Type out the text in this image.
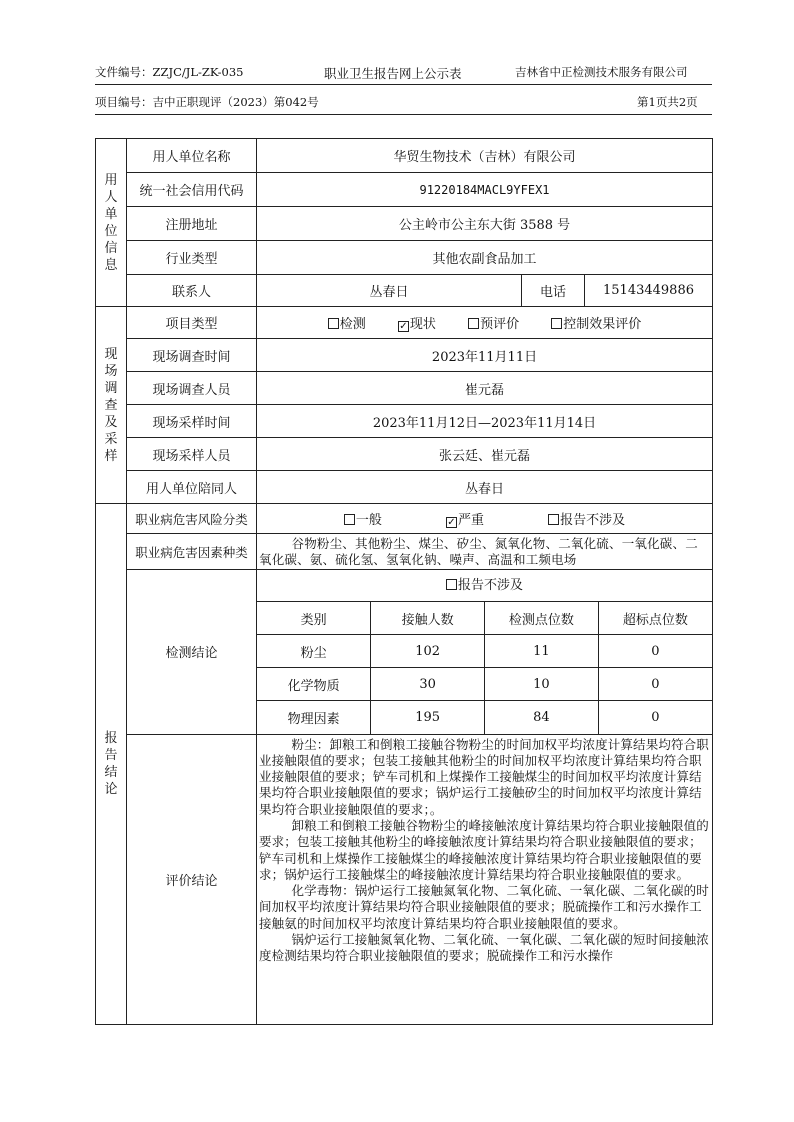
文件编号：ZZJC/JL-ZK-035	职业卫生报告网上公示表	吉林省中正检测技术服务有限公司
项目编号：吉中正职现评（2023）第042号	第1页共2页
用
人
单
位
信
息
	用人单位名称	华贸生物技术（吉林）有限公司
统一社会信用代码	91220184MACL9YFEX1
注册地址	公主岭市公主东大街 3588 号
行业类型	其他农副食品加工
联系人	丛春日	电话	15143449886

现
场
调
查
及
采
样
	项目类型	检测	✓ 现状	预评价	控制效果评价
现场调查时间	2023年11月11日
现场调查人员	崔元磊
现场采样时间	2023年11月12日—2023年11月14日
现场采样人员	张云廷、崔元磊
用人单位陪同人	丛春日

报
告
结
论
	职业病危害风险分类	一般	✓ 严重	报告不涉及
职业病危害因素种类	谷物粉尘、其他粉尘、煤尘、矽尘、氮氧化物、二氧化硫、一氧化碳、二氧化碳、氨、硫化氢、氢氧化钠、噪声、高温和工频电场
检测结论	
报告不涉及
类别	接触人数	检测点位数	超标点位数
粉尘	102	11	0
化学物质	30	10	0
物理因素	195	84	0

评价结论	

粉尘：卸粮工和倒粮工接触谷物粉尘的时间加权平均浓度计算结果均符合职业接触限值的要求；包装工接触其他粉尘的时间加权平均浓度计算结果均符合职业接触限值的要求；铲车司机和上煤操作工接触煤尘的时间加权平均浓度计算结果均符合职业接触限值的要求；锅炉运行工接触矽尘的时间加权平均浓度计算结果均符合职业接触限值的要求；。

卸粮工和倒粮工接触谷物粉尘的峰接触浓度计算结果均符合职业接触限值的要求；包装工接触其他粉尘的峰接触浓度计算结果均符合职业接触限值的要求；铲车司机和上煤操作工接触煤尘的峰接触浓度计算结果均符合职业接触限值的要求；锅炉运行工接触煤尘的峰接触浓度计算结果均符合职业接触限值的要求。

化学毒物：锅炉运行工接触氮氧化物、二氧化硫、一氧化碳、二氧化碳的时间加权平均浓度计算结果均符合职业接触限值的要求；脱硫操作工和污水操作工接触氨的时间加权平均浓度计算结果均符合职业接触限值的要求。

锅炉运行工接触氮氧化物、二氧化硫、一氧化碳、二氧化碳的短时间接触浓度检测结果均符合职业接触限值的要求；脱硫操作工和污水操作
